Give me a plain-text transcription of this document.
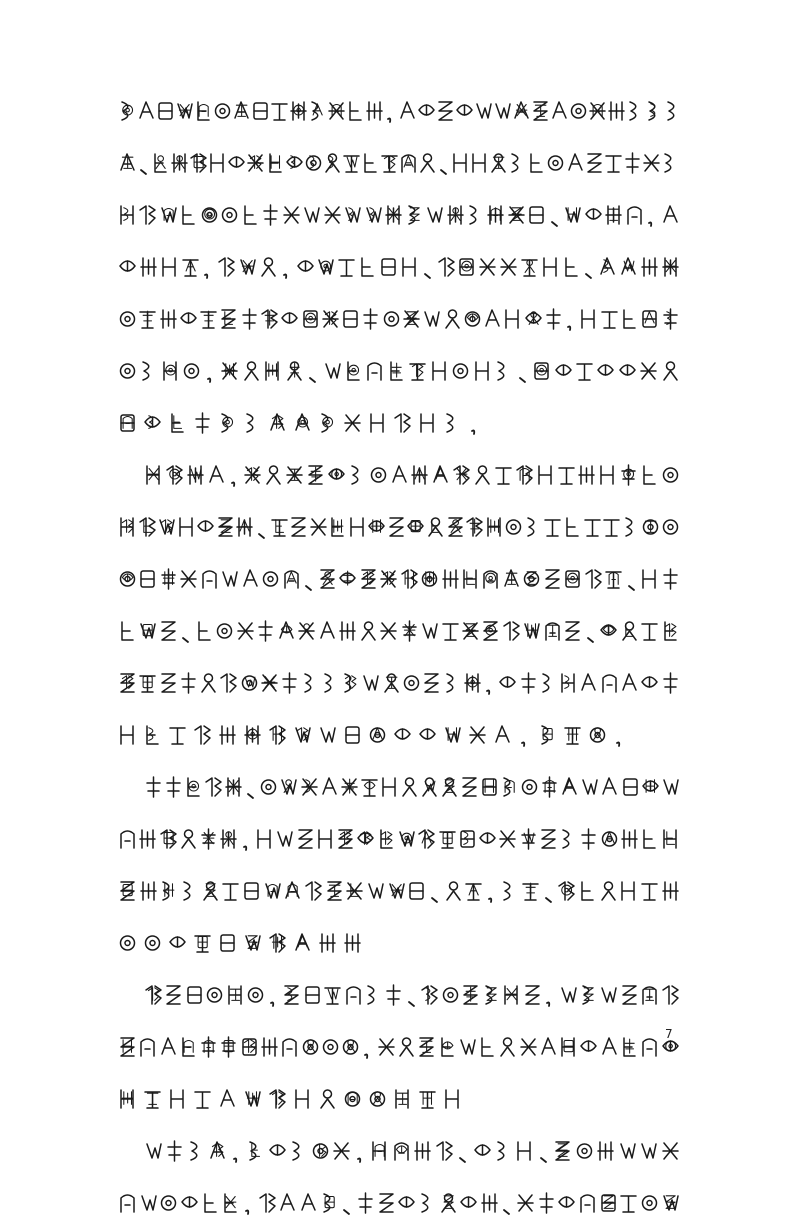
7
